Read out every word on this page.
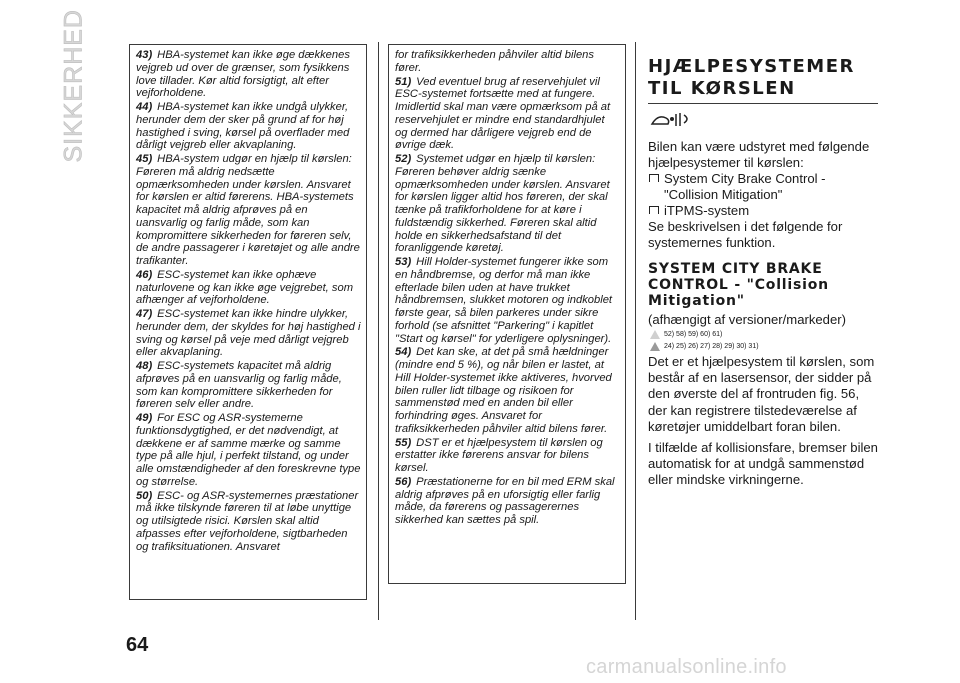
SIKKERHED
64

43) HBA-systemet kan ikke øge dækkenes vejgreb ud over de grænser, som fysikkens love tillader. Kør altid forsigtigt, alt efter vejforholdene.

44) HBA-systemet kan ikke undgå ulykker, herunder dem der sker på grund af for høj hastighed i sving, kørsel på overflader med dårligt vejgreb eller akvaplaning.

45) HBA-system udgør en hjælp til kørslen: Føreren må aldrig nedsætte opmærksomheden under kørslen. Ansvaret for kørslen er altid førerens. HBA-systemets kapacitet må aldrig afprøves på en uansvarlig og farlig måde, som kan kompromittere sikkerheden for føreren selv, de andre passagerer i køretøjet og alle andre trafikanter.

46) ESC-systemet kan ikke ophæve naturlovene og kan ikke øge vejgrebet, som afhænger af vejforholdene.

47) ESC-systemet kan ikke hindre ulykker, herunder dem, der skyldes for høj hastighed i sving og kørsel på veje med dårligt vejgreb eller akvaplaning.

48) ESC-systemets kapacitet må aldrig afprøves på en uansvarlig og farlig måde, som kan kompromittere sikkerheden for føreren selv eller andre.

49) For ESC og ASR-systemerne funktionsdygtighed, er det nødvendigt, at dækkene er af samme mærke og samme type på alle hjul, i perfekt tilstand, og under alle omstændigheder af den foreskrevne type og størrelse.

50) ESC- og ASR-systemernes præstationer må ikke tilskynde føreren til at løbe unyttige og utilsigtede risici. Kørslen skal altid afpasses efter vejforholdene, sigtbarheden og trafiksituationen. Ansvaret

for trafiksikkerheden påhviler altid bilens fører.

51) Ved eventuel brug af reservehjulet vil ESC-systemet fortsætte med at fungere. Imidlertid skal man være opmærksom på at reservehjulet er mindre end standardhjulet og dermed har dårligere vejgreb end de øvrige dæk.

52) Systemet udgør en hjælp til kørslen: Føreren behøver aldrig sænke opmærksomheden under kørslen. Ansvaret for kørslen ligger altid hos føreren, der skal tænke på trafikforholdene for at køre i fuldstændig sikkerhed. Føreren skal altid holde en sikkerhedsafstand til det foranliggende køretøj.

53) Hill Holder-systemet fungerer ikke som en håndbremse, og derfor må man ikke efterlade bilen uden at have trukket håndbremsen, slukket motoren og indkoblet første gear, så bilen parkeres under sikre forhold (se afsnittet "Parkering" i kapitlet "Start og kørsel" for yderligere oplysninger).

54) Det kan ske, at det på små hældninger (mindre end 5 %), og når bilen er lastet, at Hill Holder-systemet ikke aktiveres, hvorved bilen ruller lidt tilbage og risikoen for sammenstød med en anden bil eller forhindring øges. Ansvaret for trafiksikkerheden påhviler altid bilens fører.

55) DST er et hjælpesystem til kørslen og erstatter ikke førerens ansvar for bilens kørsel.

56) Præstationerne for en bil med ERM skal aldrig afprøves på en uforsigtig eller farlig måde, da førerens og passagerernes sikkerhed kan sættes på spil.

HJÆLPESYSTEMER
TIL KØRSLEN

Bilen kan være udstyret med følgende hjælpesystemer til kørslen:

System City Brake Control - "Collision Mitigation"

iTPMS-system

Se beskrivelsen i det følgende for systemernes funktion.

SYSTEM CITY BRAKE
CONTROL - "Collision
Mitigation"

(afhængigt af versioner/markeder)

52) 58) 59) 60) 61)
24) 25) 26) 27) 28) 29) 30) 31)

Det er et hjælpesystem til kørslen, som består af en lasersensor, der sidder på den øverste del af frontruden fig. 56, der kan registrere tilstedeværelse af køretøjer umiddelbart foran bilen.

I tilfælde af kollisionsfare, bremser bilen automatisk for at undgå sammenstød eller mindske virkningerne.

carmanualsonline.info
